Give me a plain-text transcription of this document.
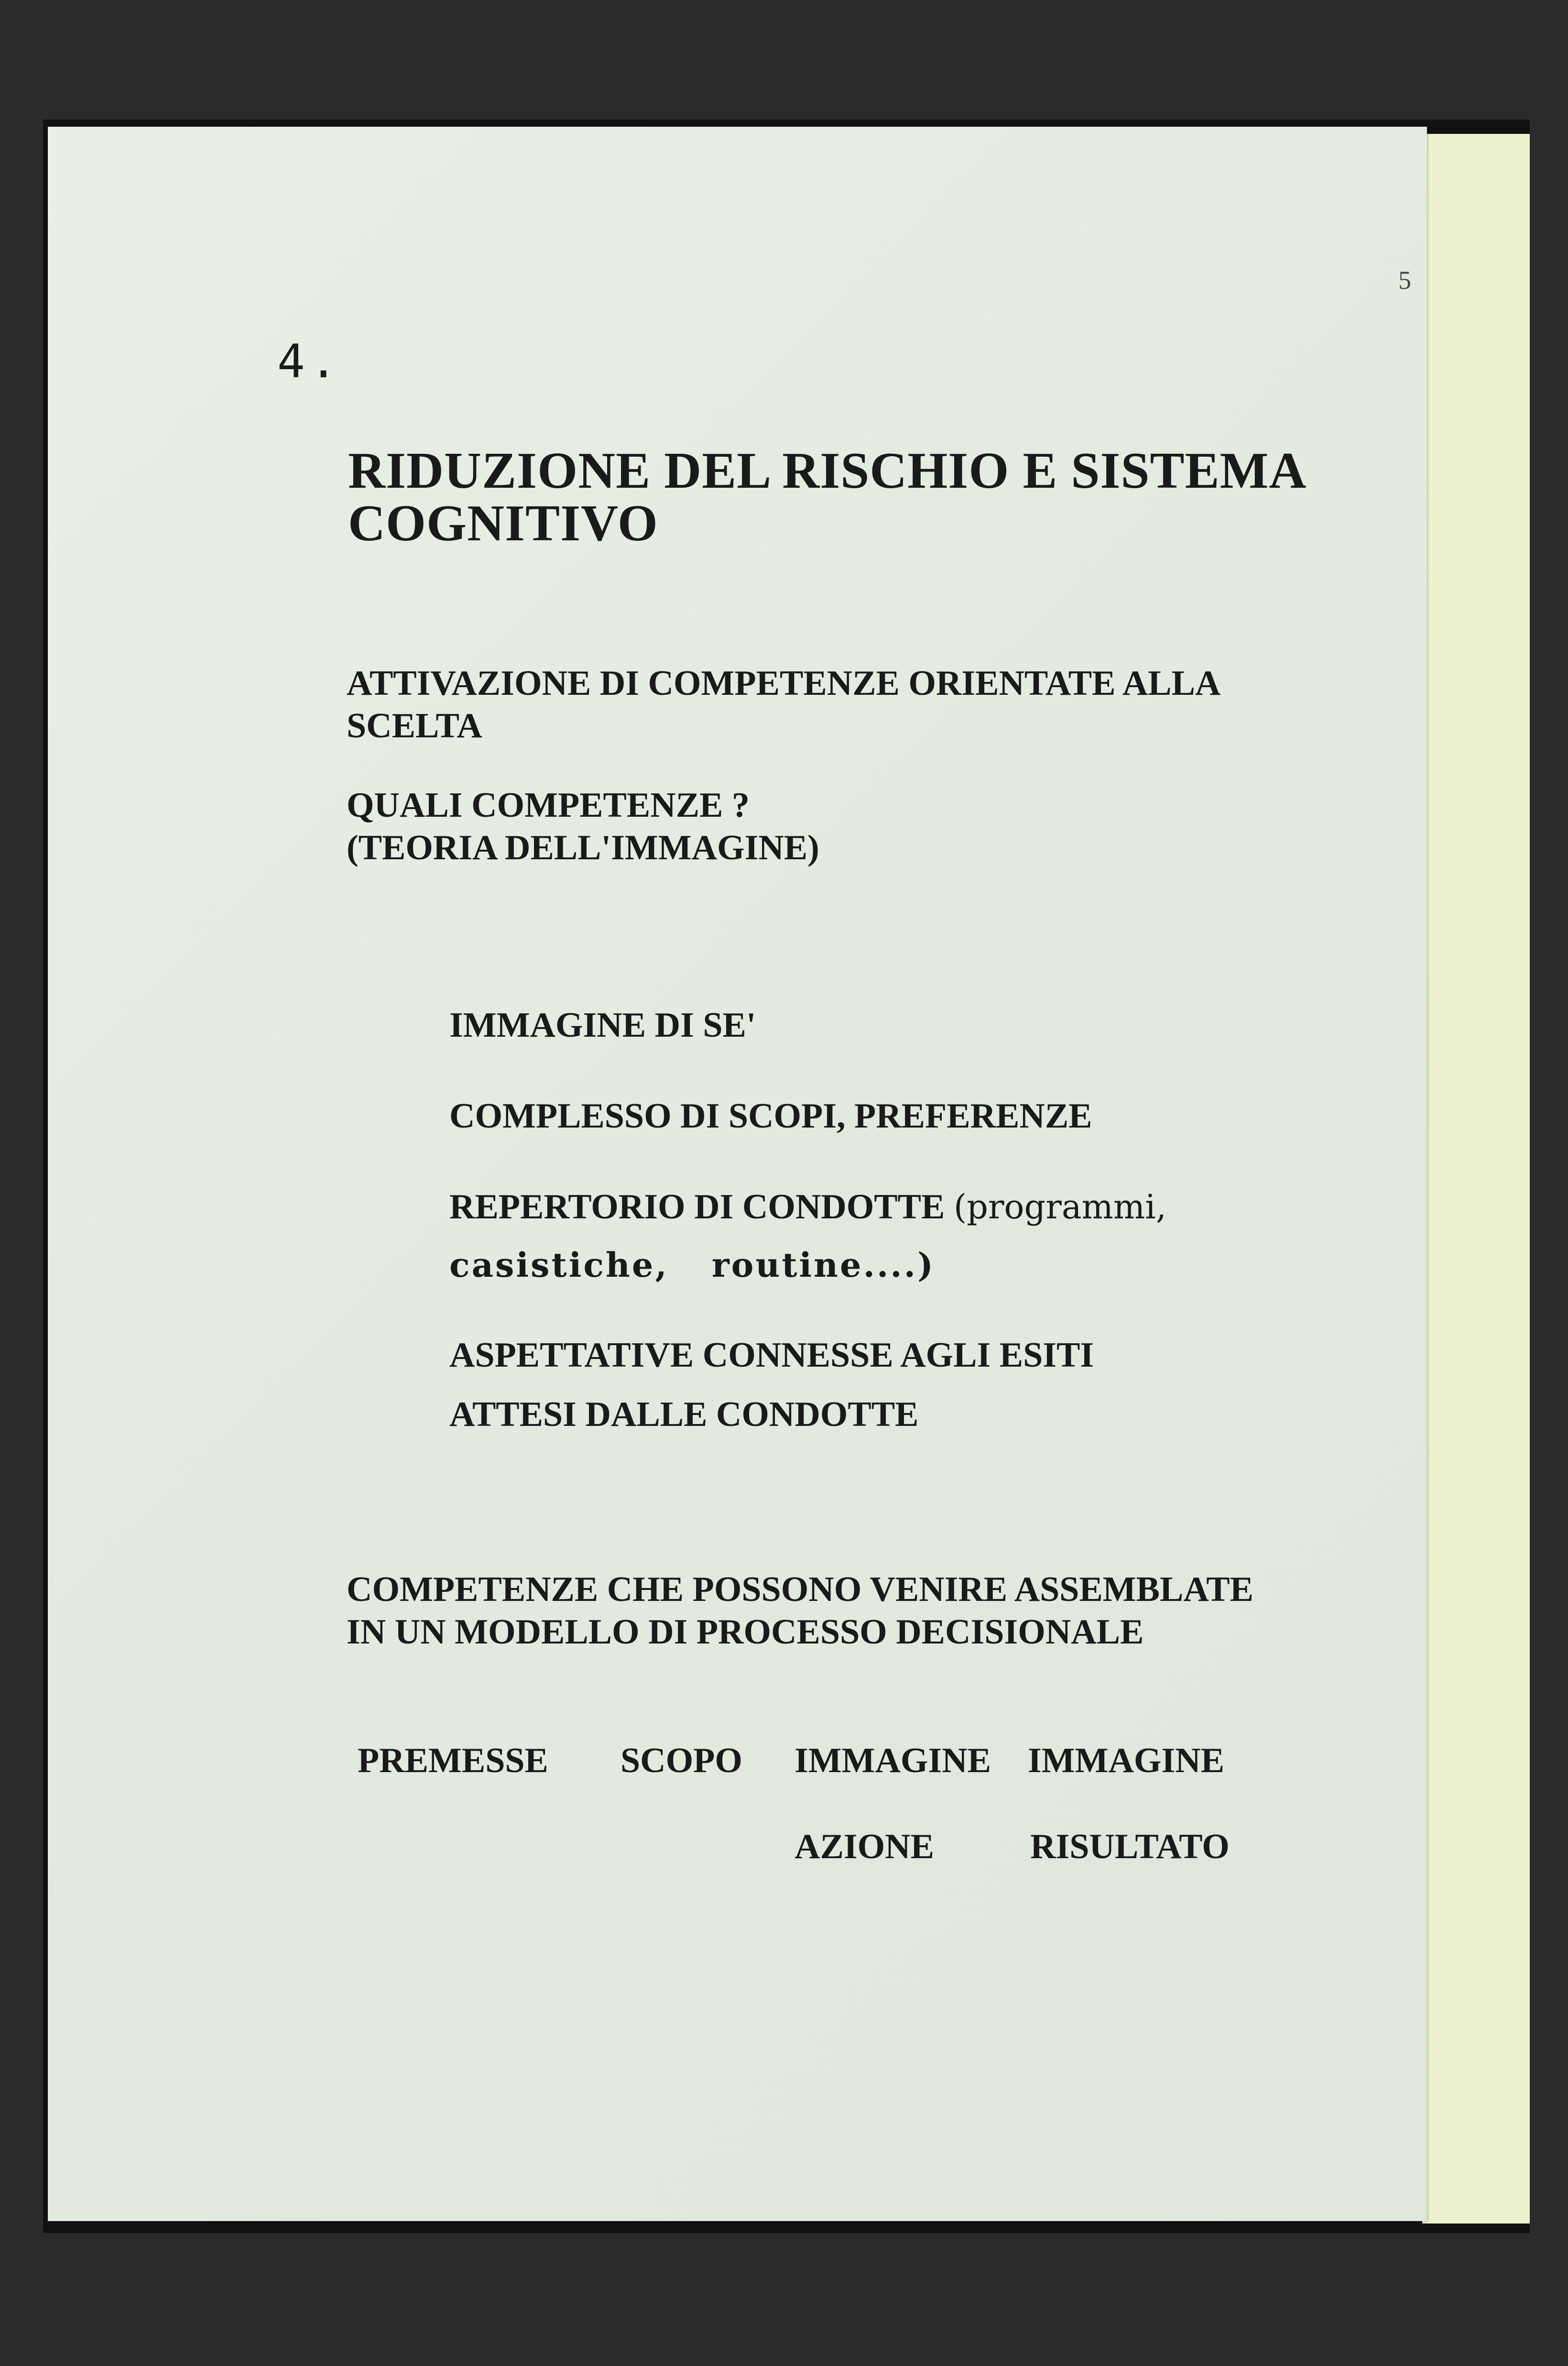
5
4.
RIDUZIONE DEL RISCHIO E SISTEMA
COGNITIVO
ATTIVAZIONE DI COMPETENZE ORIENTATE ALLA
SCELTA
QUALI COMPETENZE ?
(TEORIA DELL'IMMAGINE)
IMMAGINE DI SE'
COMPLESSO DI SCOPI, PREFERENZE
REPERTORIO DI CONDOTTE (programmi,
casistiche, routine....)
ASPETTATIVE CONNESSE AGLI ESITI
ATTESI DALLE CONDOTTE
COMPETENZE CHE POSSONO VENIRE ASSEMBLATE
IN UN MODELLO DI PROCESSO DECISIONALE
PREMESSE SCOPO IMMAGINE IMMAGINE
AZIONE	RISULTATO
